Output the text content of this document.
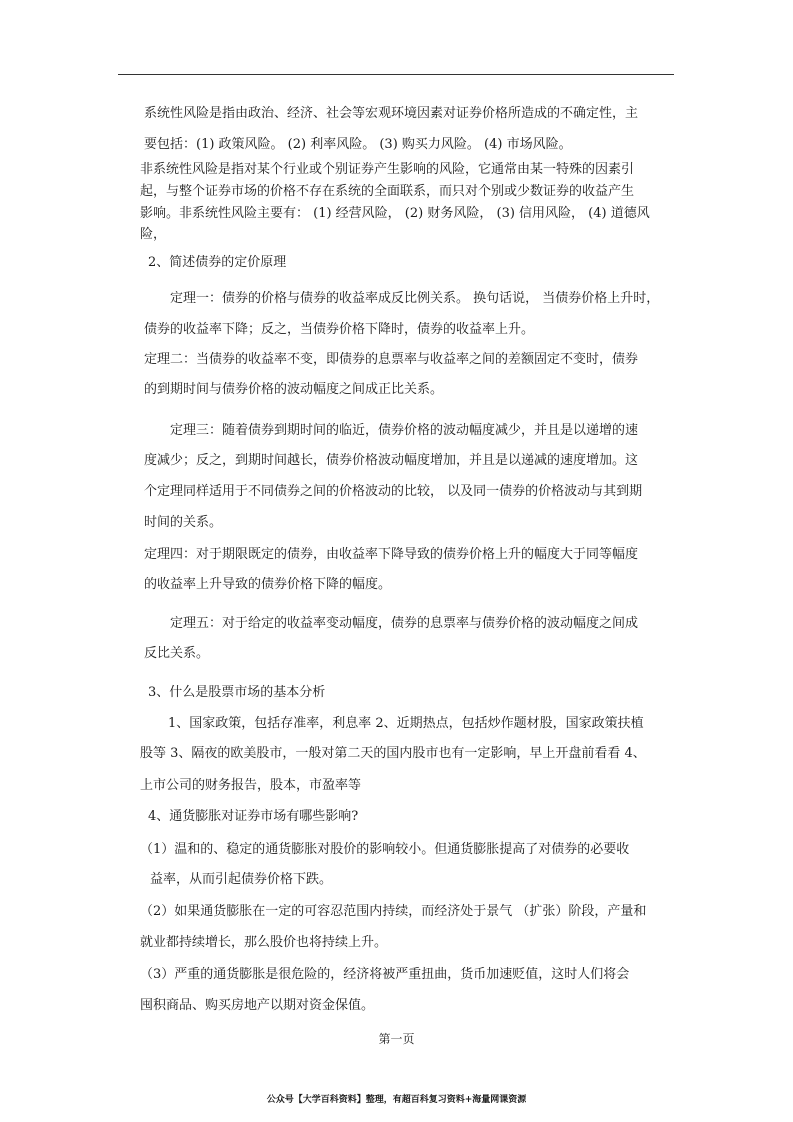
系统性风险是指由政治、经济、社会等宏观环境因素对证券价格所造成的不确定性，主
要包括：(1) 政策风险。 (2) 利率风险。 (3) 购买力风险。 (4) 市场风险。
非系统性风险是指对某个行业或个别证券产生影响的风险，它通常由某一特殊的因素引
起，与整个证券市场的价格不存在系统的全面联系，而只对个别或少数证券的收益产生
影响。非系统性风险主要有： (1) 经营风险， (2) 财务风险， (3) 信用风险， (4) 道德风
险，
2、简述债券的定价原理
定理一：债券的价格与债券的收益率成反比例关系。 换句话说， 当债券价格上升时，
债券的收益率下降；反之，当债券价格下降时，债券的收益率上升。
定理二：当债券的收益率不变，即债券的息票率与收益率之间的差额固定不变时，债券
的到期时间与债券价格的波动幅度之间成正比关系。
定理三：随着债券到期时间的临近，债券价格的波动幅度减少，并且是以递增的速
度减少；反之，到期时间越长，债券价格波动幅度增加，并且是以递减的速度增加。这
个定理同样适用于不同债券之间的价格波动的比较， 以及同一债券的价格波动与其到期
时间的关系。
定理四：对于期限既定的债券，由收益率下降导致的债券价格上升的幅度大于同等幅度
的收益率上升导致的债券价格下降的幅度。
定理五：对于给定的收益率变动幅度，债券的息票率与债券价格的波动幅度之间成
反比关系。
3、什么是股票市场的基本分析
1、国家政策，包括存准率，利息率 2、近期热点，包括炒作题材股，国家政策扶植
股等 3、隔夜的欧美股市，一般对第二天的国内股市也有一定影响，早上开盘前看看 4、
上市公司的财务报告，股本，市盈率等
4、通货膨胀对证券市场有哪些影响?
（1）温和的、稳定的通货膨胀对股价的影响较小。但通货膨胀提高了对债券的必要收
益率，从而引起债券价格下跌。
（2）如果通货膨胀在一定的可容忍范围内持续，而经济处于景气 （扩张）阶段，产量和
就业都持续增长，那么股价也将持续上升。
（3）严重的通货膨胀是很危险的，经济将被严重扭曲，货币加速贬值，这时人们将会
囤积商品、购买房地产以期对资金保值。
第一页
公众号【大学百科资料】整理，有超百科复习资料+海量网课资源
